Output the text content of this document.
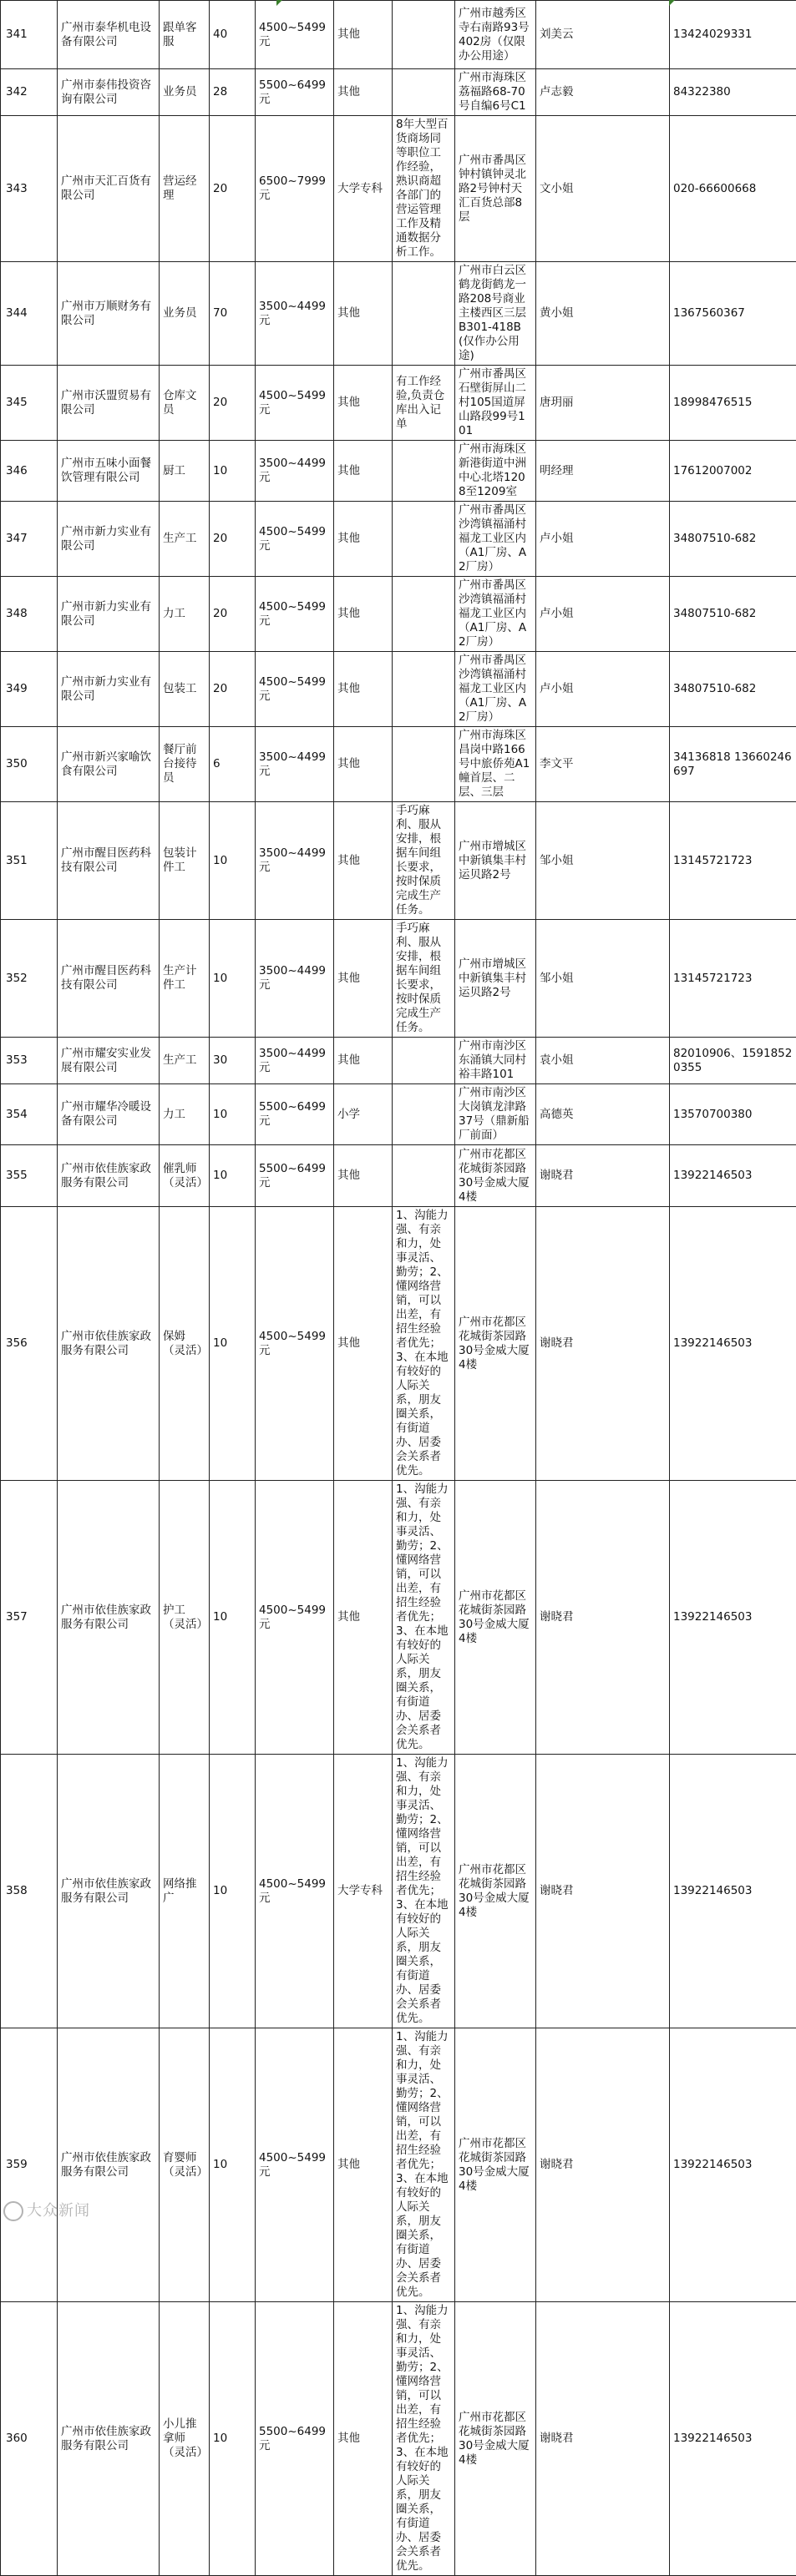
341	广州市泰华机电设备有限公司	跟单客服	40	4500~5499元	其他		广州市越秀区寺右南路93号402房（仅限办公用途）	刘美云	13424029331
342	广州市泰伟投资咨询有限公司	业务员	28	5500~6499元	其他		广州市海珠区荔福路68-70号自编6号C1	卢志毅	84322380
343	广州市天汇百货有限公司	营运经理	20	6500~7999元	大学专科	8年大型百货商场同等职位工作经验，熟识商超各部门的营运管理工作及精通数据分析工作。	广州市番禺区钟村镇钟灵北路2号钟村天汇百货总部8层	文小姐	020-66600668
344	广州市万顺财务有限公司	业务员	70	3500~4499元	其他		广州市白云区鹤龙街鹤龙一路208号商业主楼西区三层B301-418B(仅作办公用途)	黄小姐	1367560367
345	广州市沃盟贸易有限公司	仓库文员	20	4500~5499元	其他	有工作经验,负责仓库出入记单	广州市番禺区石壁街屏山二村105国道屏山路段99号101	唐玥丽	18998476515
346	广州市五味小面餐饮管理有限公司	厨工	10	3500~4499元	其他		广州市海珠区新港街道中洲中心北塔1208至1209室	明经理	17612007002
347	广州市新力实业有限公司	生产工	20	4500~5499元	其他		广州市番禺区沙湾镇福涌村福龙工业区内（A1厂房、A2厂房）	卢小姐	34807510-682
348	广州市新力实业有限公司	力工	20	4500~5499元	其他		广州市番禺区沙湾镇福涌村福龙工业区内（A1厂房、A2厂房）	卢小姐	34807510-682
349	广州市新力实业有限公司	包装工	20	4500~5499元	其他		广州市番禺区沙湾镇福涌村福龙工业区内（A1厂房、A2厂房）	卢小姐	34807510-682
350	广州市新兴家喻饮食有限公司	餐厅前台接待员	6	3500~4499元	其他		广州市海珠区昌岗中路166号中旅侨苑A1幢首层、二层、三层	李文平	34136818 13660246697
351	广州市醒目医药科技有限公司	包装计件工	10	3500~4499元	其他	手巧麻利、服从安排，根据车间组长要求，按时保质完成生产任务。	广州市增城区中新镇集丰村运贝路2号	邹小姐	13145721723
352	广州市醒目医药科技有限公司	生产计件工	10	3500~4499元	其他	手巧麻利、服从安排，根据车间组长要求，按时保质完成生产任务。	广州市增城区中新镇集丰村运贝路2号	邹小姐	13145721723
353	广州市耀安实业发展有限公司	生产工	30	3500~4499元	其他		广州市南沙区东涌镇大同村裕丰路101	袁小姐	82010906、15918520355
354	广州市耀华冷暖设备有限公司	力工	10	5500~6499元	小学		广州市南沙区大岗镇龙津路37号（鼎新船厂前面）	高德英	13570700380
355	广州市依佳族家政服务有限公司	催乳师（灵活）	10	5500~6499元	其他		广州市花都区花城街茶园路30号金威大厦4楼	谢晓君	13922146503
356	广州市依佳族家政服务有限公司	保姆（灵活）	10	4500~5499元	其他	1、沟能力强、有亲和力，处事灵活、勤劳；2、懂网络营销，可以出差，有招生经验者优先；3、在本地有较好的人际关系，朋友圈关系，有街道办、居委会关系者优先。	广州市花都区花城街茶园路30号金威大厦4楼	谢晓君	13922146503
357	广州市依佳族家政服务有限公司	护工（灵活）	10	4500~5499元	其他	1、沟能力强、有亲和力，处事灵活、勤劳；2、懂网络营销，可以出差，有招生经验者优先；3、在本地有较好的人际关系，朋友圈关系，有街道办、居委会关系者优先。	广州市花都区花城街茶园路30号金威大厦4楼	谢晓君	13922146503
358	广州市依佳族家政服务有限公司	网络推广	10	4500~5499元	大学专科	1、沟能力强、有亲和力，处事灵活、勤劳；2、懂网络营销，可以出差，有招生经验者优先；3、在本地有较好的人际关系，朋友圈关系，有街道办、居委会关系者优先。	广州市花都区花城街茶园路30号金威大厦4楼	谢晓君	13922146503
359	广州市依佳族家政服务有限公司	育婴师（灵活）	10	4500~5499元	其他	1、沟能力强、有亲和力，处事灵活、勤劳；2、懂网络营销，可以出差，有招生经验者优先；3、在本地有较好的人际关系，朋友圈关系，有街道办、居委会关系者优先。	广州市花都区花城街茶园路30号金威大厦4楼	谢晓君	13922146503
360	广州市依佳族家政服务有限公司	小儿推拿师（灵活）	10	5500~6499元	其他	1、沟能力强、有亲和力，处事灵活、勤劳；2、懂网络营销，可以出差，有招生经验者优先；3、在本地有较好的人际关系，朋友圈关系，有街道办、居委会关系者优先。	广州市花都区花城街茶园路30号金威大厦4楼	谢晓君	13922146503
大众新闻
